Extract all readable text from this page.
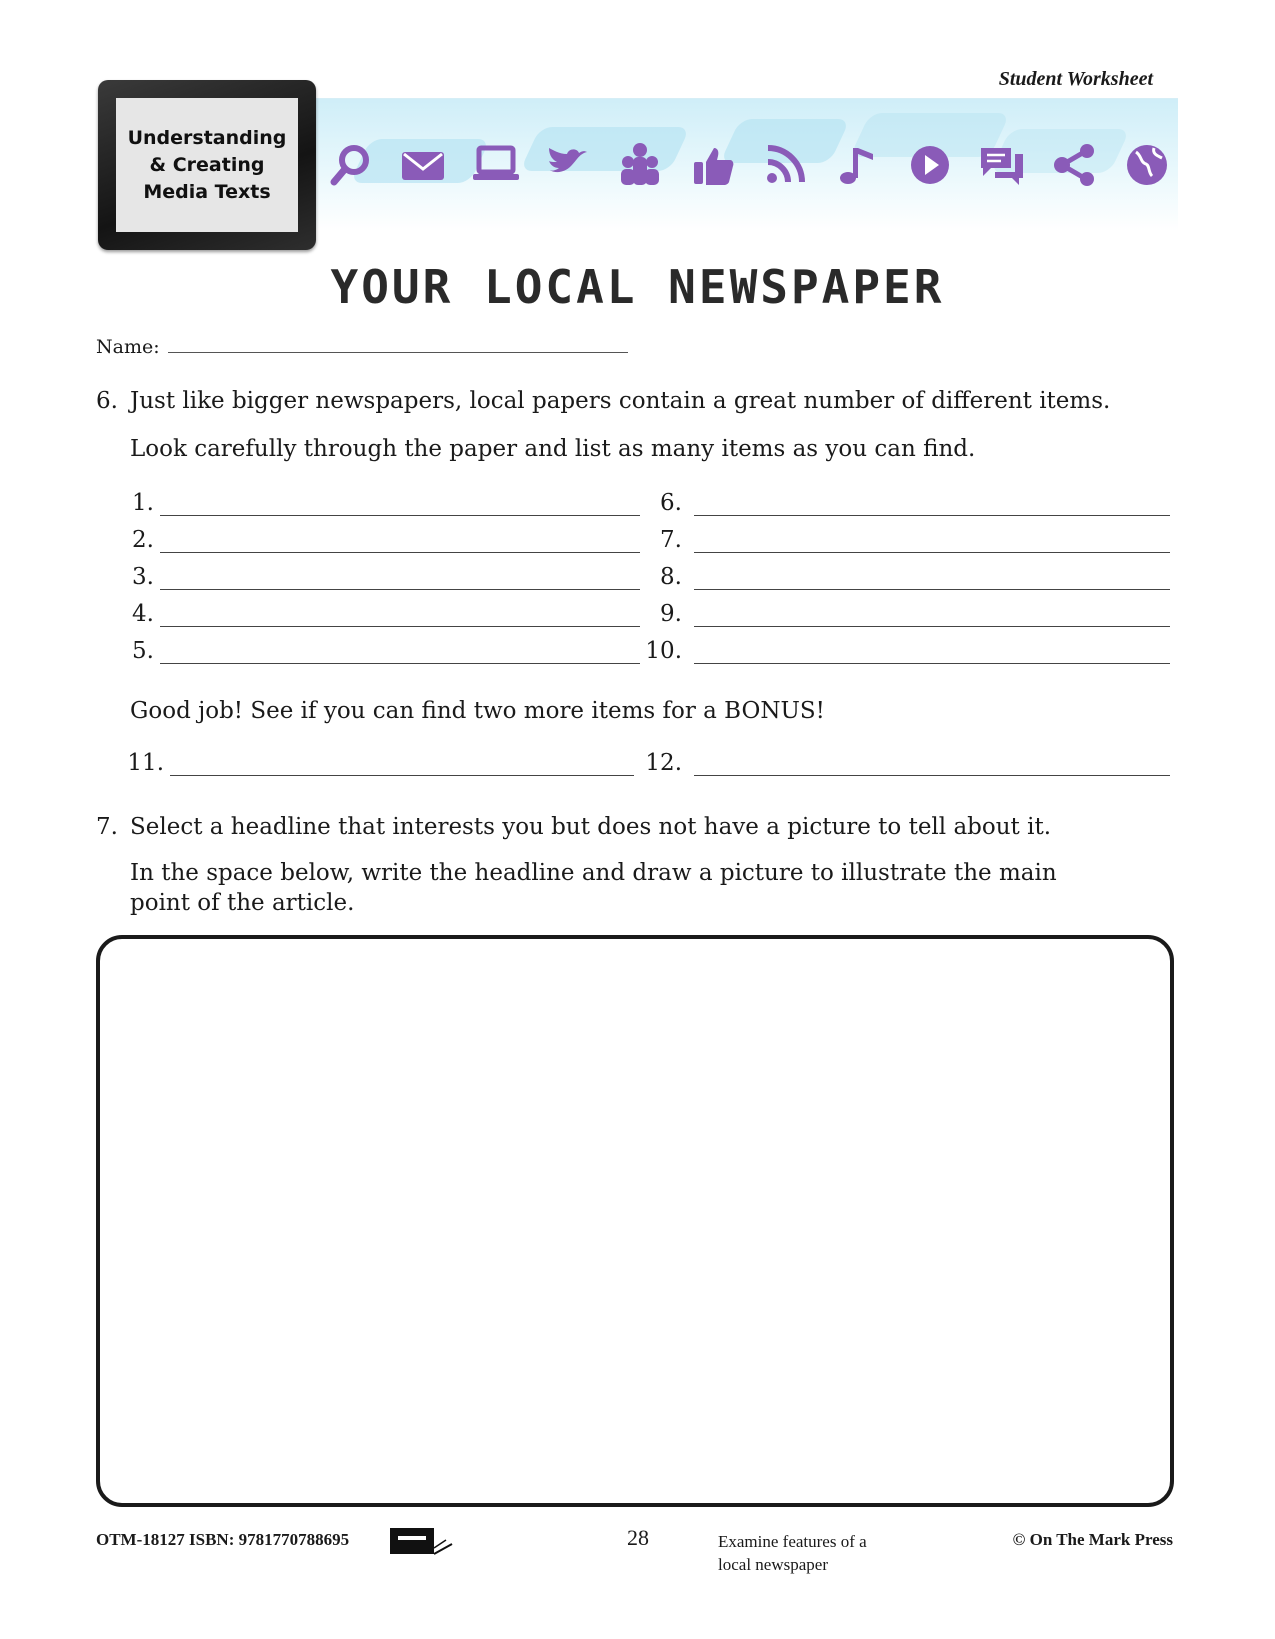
Student Worksheet
Understanding
& Creating
Media Texts
YOUR LOCAL NEWSPAPER
Name:
6. Just like bigger newspapers, local papers contain a great number of different items.
Look carefully through the paper and list as many items as you can find.
1.
2.
3.
4.
5.
6.
7.
8.
9.
10.
Good job! See if you can find two more items for a BONUS!
11.	12.
7. Select a headline that interests you but does not have a picture to tell about it.
In the space below, write the headline and draw a picture to illustrate the main point of the article.
OTM-18127 ISBN: 9781770788695	28	Examine features of a
local newspaper
© On The Mark Press
